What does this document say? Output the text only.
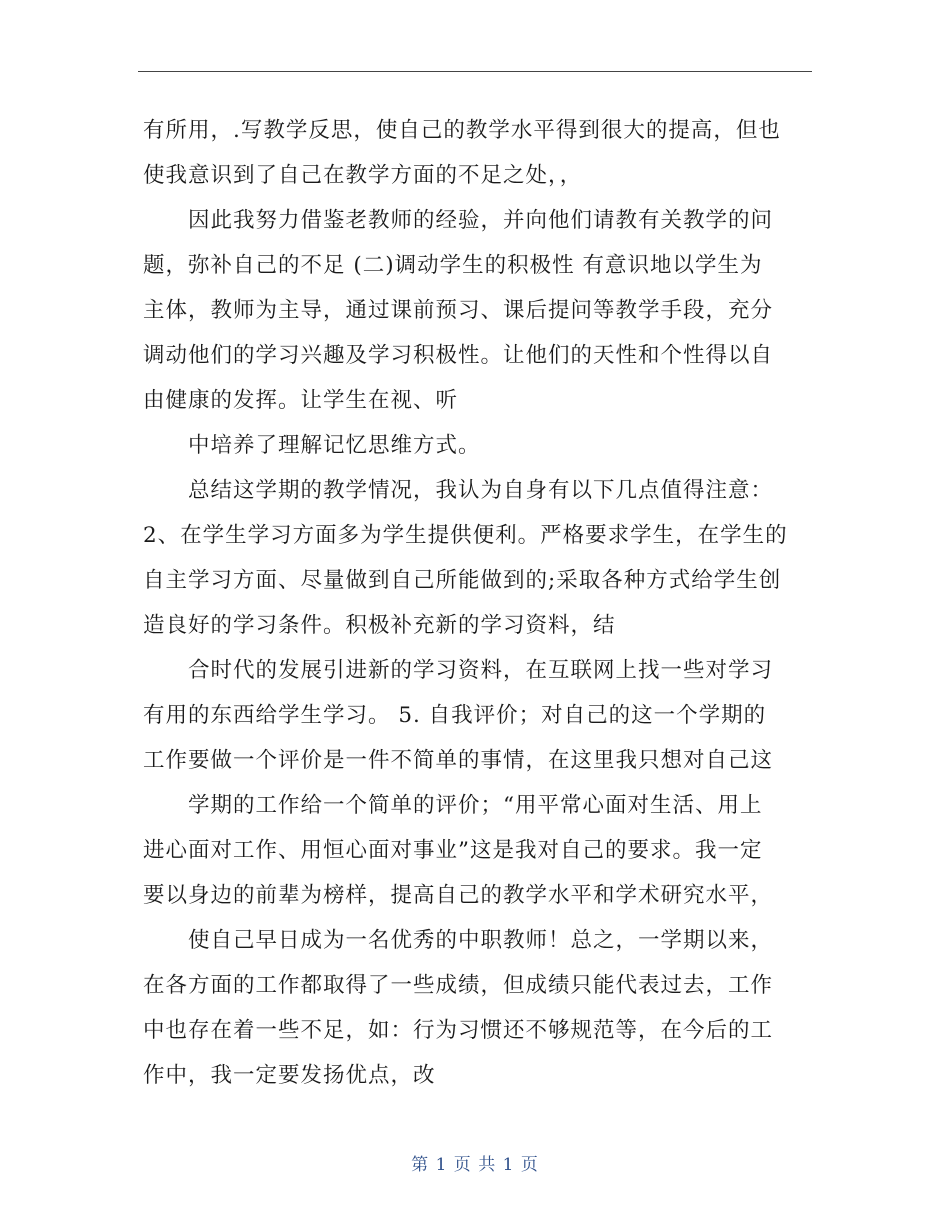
有所用，.写教学反思，使自己的教学水平得到很大的提高，但也
使我意识到了自己在教学方面的不足之处，，
因此我努力借鉴老教师的经验，并向他们请教有关教学的问
题，弥补自己的不足 (二)调动学生的积极性 有意识地以学生为
主体，教师为主导，通过课前预习、课后提问等教学手段，充分
调动他们的学习兴趣及学习积极性。让他们的天性和个性得以自
由健康的发挥。让学生在视、听
中培养了理解记忆思维方式。
总结这学期的教学情况，我认为自身有以下几点值得注意：
2、在学生学习方面多为学生提供便利。严格要求学生，在学生的
自主学习方面、尽量做到自己所能做到的;采取各种方式给学生创
造良好的学习条件。积极补充新的学习资料，结
合时代的发展引进新的学习资料，在互联网上找一些对学习
有用的东西给学生学习。 5. 自我评价；对自己的这一个学期的
工作要做一个评价是一件不简单的事情，在这里我只想对自己这
学期的工作给一个简单的评价；“用平常心面对生活、用上
进心面对工作、用恒心面对事业”这是我对自己的要求。我一定
要以身边的前辈为榜样，提高自己的教学水平和学术研究水平，
使自己早日成为一名优秀的中职教师！总之，一学期以来，
在各方面的工作都取得了一些成绩，但成绩只能代表过去，工作
中也存在着一些不足，如：行为习惯还不够规范等，在今后的工
作中，我一定要发扬优点，改
第 1 页 共 1 页
